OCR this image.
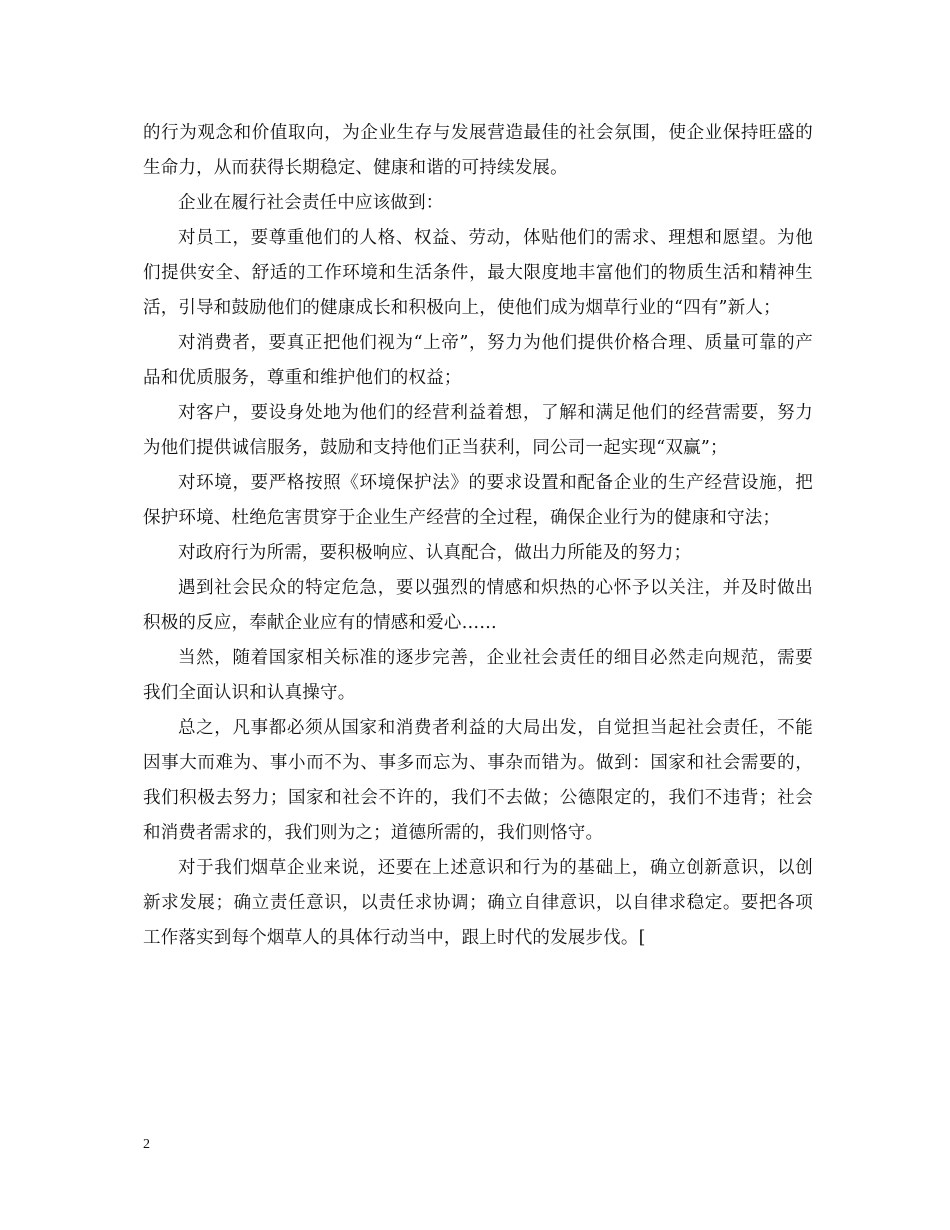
的行为观念和价值取向，为企业生存与发展营造最佳的社会氛围，使企业保持旺盛的生命力，从而获得长期稳定、健康和谐的可持续发展。

企业在履行社会责任中应该做到：

对员工，要尊重他们的人格、权益、劳动，体贴他们的需求、理想和愿望。为他们提供安全、舒适的工作环境和生活条件，最大限度地丰富他们的物质生活和精神生活，引导和鼓励他们的健康成长和积极向上，使他们成为烟草行业的“四有”新人；

对消费者，要真正把他们视为“上帝”，努力为他们提供价格合理、质量可靠的产品和优质服务，尊重和维护他们的权益；

对客户，要设身处地为他们的经营利益着想，了解和满足他们的经营需要，努力为他们提供诚信服务，鼓励和支持他们正当获利，同公司一起实现“双赢”；

对环境，要严格按照《环境保护法》的要求设置和配备企业的生产经营设施，把保护环境、杜绝危害贯穿于企业生产经营的全过程，确保企业行为的健康和守法；

对政府行为所需，要积极响应、认真配合，做出力所能及的努力；

遇到社会民众的特定危急，要以强烈的情感和炽热的心怀予以关注，并及时做出积极的反应，奉献企业应有的情感和爱心……

当然，随着国家相关标准的逐步完善，企业社会责任的细目必然走向规范，需要我们全面认识和认真操守。

总之，凡事都必须从国家和消费者利益的大局出发，自觉担当起社会责任，不能因事大而难为、事小而不为、事多而忘为、事杂而错为。做到：国家和社会需要的，我们积极去努力；国家和社会不许的，我们不去做；公德限定的，我们不违背；社会和消费者需求的，我们则为之；道德所需的，我们则恪守。

对于我们烟草企业来说，还要在上述意识和行为的基础上，确立创新意识，以创新求发展；确立责任意识，以责任求协调；确立自律意识，以自律求稳定。要把各项工作落实到每个烟草人的具体行动当中，跟上时代的发展步伐。[

2
